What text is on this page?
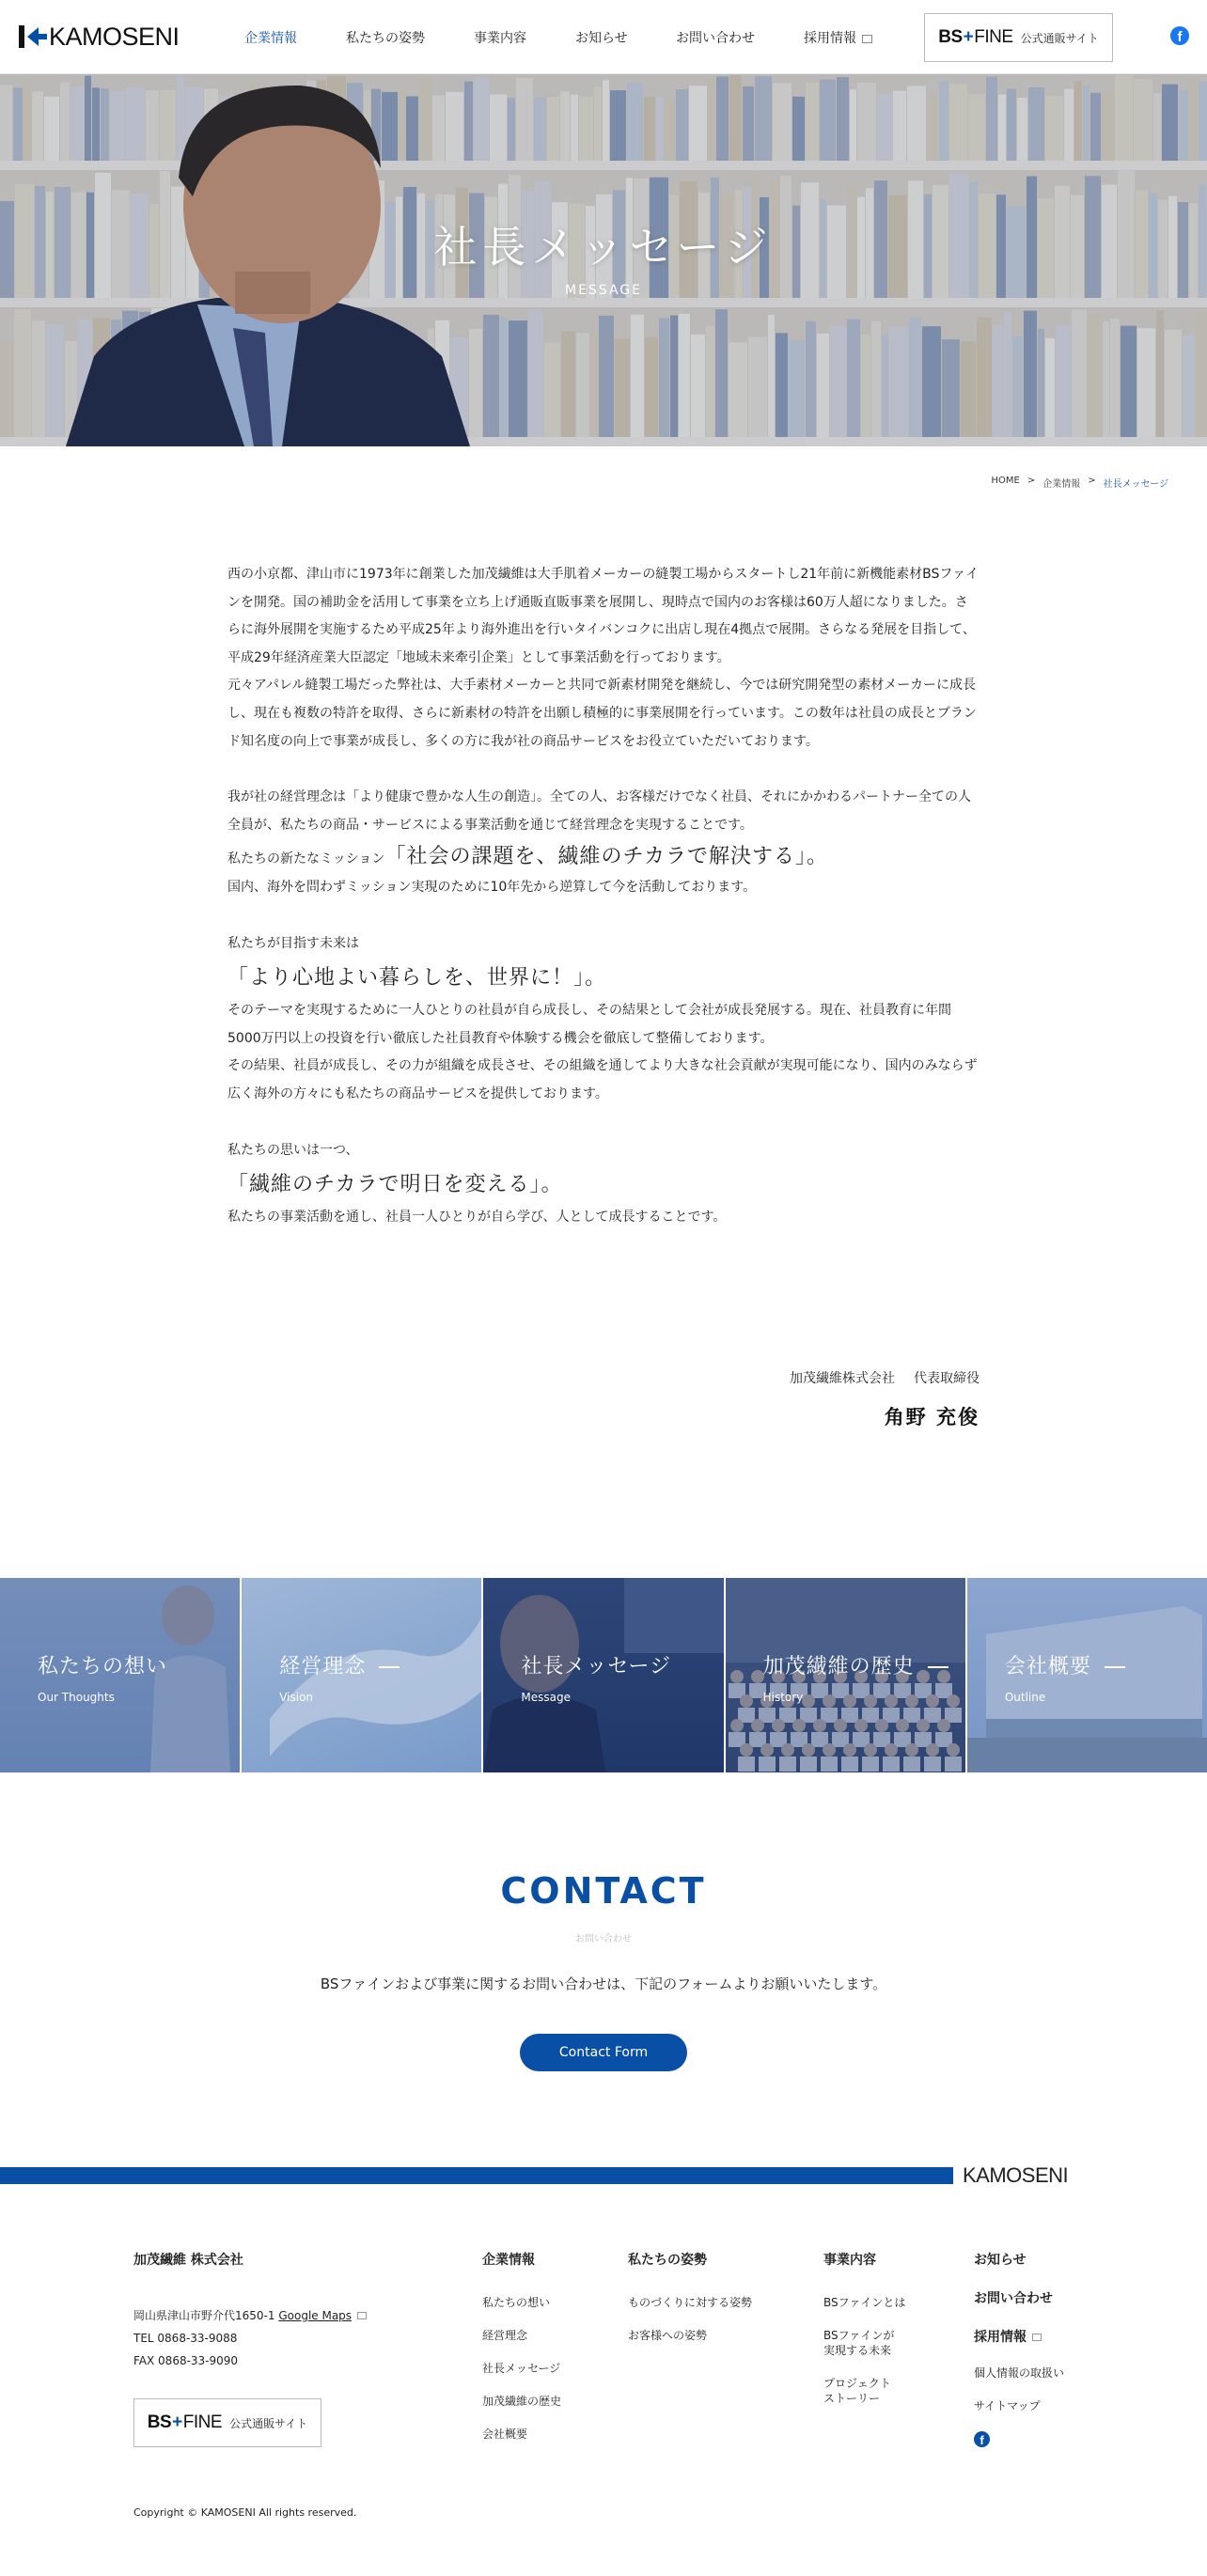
KAMOSENI	企業情報	私たちの姿勢	事業内容	お知らせ	お問い合わせ	採用情報	BS+FINE 公式通販サイト	f
社長メッセージ
MESSAGE
HOME > 企業情報 > 社長メッセージ

西の小京都、津山市に1973年に創業した加茂繊維は大手肌着メーカーの縫製工場からスタートし21年前に新機能素材BSファインを開発。国の補助金を活用して事業を立ち上げ通販直販事業を展開し、現時点で国内のお客様は60万人超になりました。さらに海外展開を実施するため平成25年より海外進出を行いタイバンコクに出店し現在4拠点で展開。さらなる発展を目指して、平成29年経済産業大臣認定「地域未来牽引企業」として事業活動を行っております。

元々アパレル縫製工場だった弊社は、大手素材メーカーと共同で新素材開発を継続し、今では研究開発型の素材メーカーに成長し、現在も複数の特許を取得、さらに新素材の特許を出願し積極的に事業展開を行っています。この数年は社員の成長とブランド知名度の向上で事業が成長し、多くの方に我が社の商品サービスをお役立ていただいております。

我が社の経営理念は「より健康で豊かな人生の創造」。全ての人、お客様だけでなく社員、それにかかわるパートナー全ての人全員が、私たちの商品・サービスによる事業活動を通じて経営理念を実現することです。

私たちの新たなミッション「社会の課題を、繊維のチカラで解決する」。

国内、海外を問わずミッション実現のために10年先から逆算して今を活動しております。

私たちが目指す未来は

「より心地よい暮らしを、世界に！」。

そのテーマを実現するために一人ひとりの社員が自ら成長し、その結果として会社が成長発展する。現在、社員教育に年間5000万円以上の投資を行い徹底した社員教育や体験する機会を徹底して整備しております。

その結果、社員が成長し、その力が組織を成長させ、その組織を通してより大きな社会貢献が実現可能になり、国内のみならず広く海外の方々にも私たちの商品サービスを提供しております。

私たちの思いは一つ、

「繊維のチカラで明日を変える」。

私たちの事業活動を通し、社員一人ひとりが自ら学び、人として成長することです。

加茂繊維株式会社 代表取締役
角野 充俊
私たちの想い
Our Thoughts
経営理念
Vision
社長メッセージ
Message
加茂繊維の歴史
History
会社概要
Outline
CONTACT
お問い合わせ

BSファインおよび事業に関するお問い合わせは、下記のフォームよりお願いいたします。

Contact Form
KAMOSENI
加茂繊維 株式会社
岡山県津山市野介代1650-1 Google Maps
TEL 0868-33-9088
FAX 0868-33-9090
BS+FINE 公式通販サイト
企業情報
私たちの想い
経営理念
社長メッセージ
加茂繊維の歴史
会社概要
私たちの姿勢
ものづくりに対する姿勢
お客様への姿勢
事業内容
BSファインとは
BSファインが
実現する未来
プロジェクト
ストーリー
お知らせ
お問い合わせ
採用情報
個人情報の取扱い
サイトマップ
f
Copyright © KAMOSENI All rights reserved.
